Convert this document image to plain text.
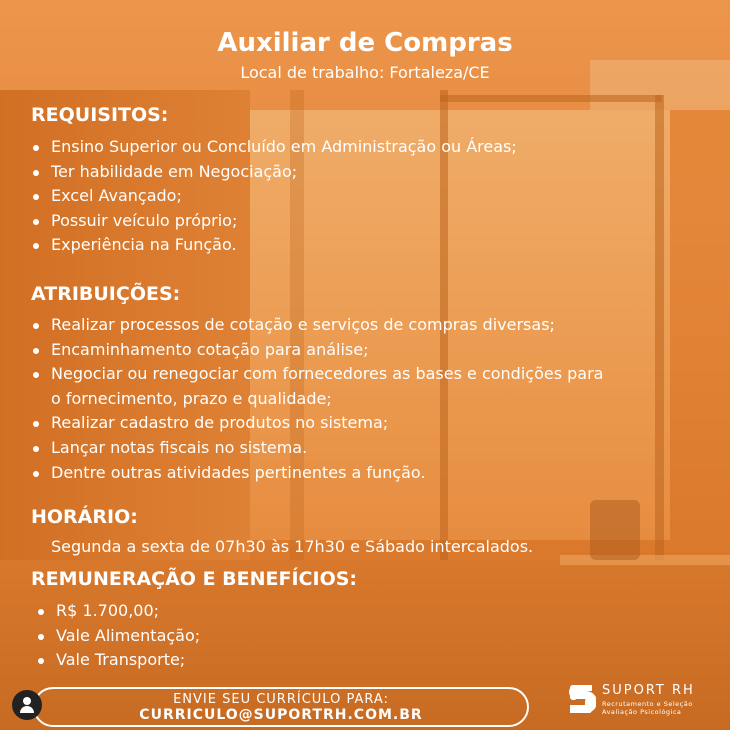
Auxiliar de Compras
Local de trabalho: Fortaleza/CE
REQUISITOS:
Ensino Superior ou Concluído em Administração ou Áreas;
Ter habilidade em Negociação;
Excel Avançado;
Possuir veículo próprio;
Experiência na Função.
ATRIBUIÇÕES:
Realizar processos de cotação e serviços de compras diversas;
Encaminhamento cotação para análise;
Negociar ou renegociar com fornecedores as bases e condições para
o fornecimento, prazo e qualidade;
Realizar cadastro de produtos no sistema;
Lançar notas fiscais no sistema.
Dentre outras atividades pertinentes a função.
HORÁRIO:
Segunda a sexta de 07h30 às 17h30 e Sábado intercalados.
REMUNERAÇÃO E BENEFÍCIOS:
R$ 1.700,00;
Vale Alimentação;
Vale Transporte;
ENVIE SEU CURRÍCULO PARA:
CURRICULO@SUPORTRH.COM.BR
SUPORT RH
Recrutamento e Seleção
Avaliação Psicológica
